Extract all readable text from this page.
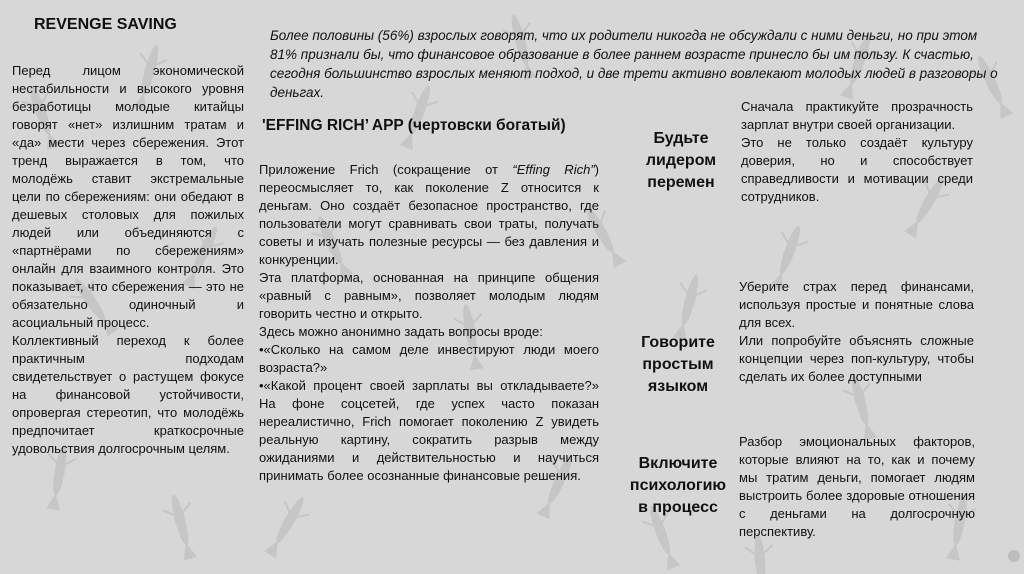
REVENGE SAVING

Перед лицом экономической нестабильности и высокого уровня безработицы молодые китайцы говорят «нет» излишним тратам и «да» мести через сбережения. Этот тренд выражается в том, что молодёжь ставит экстремальные цели по сбережениям: они обедают в дешевых столовых для пожилых людей или объединяются с «партнёрами по сбережениям» онлайн для взаимного контроля. Это показывает, что сбережения — это не обязательно одиночный и асоциальный процесс.

Коллективный переход к более практичным подходам свидетельствует о растущем фокусе на финансовой устойчивости, опровергая стереотип, что молодёжь предпочитает краткосрочные удовольствия долгосрочным целям.

Более половины (56%) взрослых говорят, что их родители никогда не обсуждали с ними деньги, но при этом 81% признали бы, что финансовое образование в более раннем возрасте принесло бы им пользу. К счастью, сегодня большинство взрослых меняют подход, и две трети активно вовлекают молодых людей в разговоры о деньгах.
'EFFING RICH’ APP (чертовски богатый)

Приложение Frich (сокращение от “Effing Rich”) переосмысляет то, как поколение Z относится к деньгам. Оно создаёт безопасное пространство, где пользователи могут сравнивать свои траты, получать советы и изучать полезные ресурсы — без давления и конкуренции.

Эта платформа, основанная на принципе общения «равный с равным», позволяет молодым людям говорить честно и открыто.

Здесь можно анонимно задать вопросы вроде:

•«Сколько на самом деле инвестируют люди моего возраста?»

•«Какой процент своей зарплаты вы откладываете?» На фоне соцсетей, где успех часто показан нереалистично, Frich помогает поколению Z увидеть реальную картину, сократить разрыв между ожиданиями и действительностью и научиться принимать более осознанные финансовые решения.

Будьте лидером перемен

Сначала практикуйте прозрачность зарплат внутри своей организации.

Это не только создаёт культуру доверия, но и способствует справедливости и мотивации среди сотрудников.

Говорите простым языком

Уберите страх перед финансами, используя простые и понятные слова для всех.

Или попробуйте объяснять сложные концепции через поп-культуру, чтобы сделать их более доступными

Включите психологию в процесс

Разбор эмоциональных факторов, которые влияют на то, как и почему мы тратим деньги, помогает людям выстроить более здоровые отношения с деньгами на долгосрочную перспективу.
